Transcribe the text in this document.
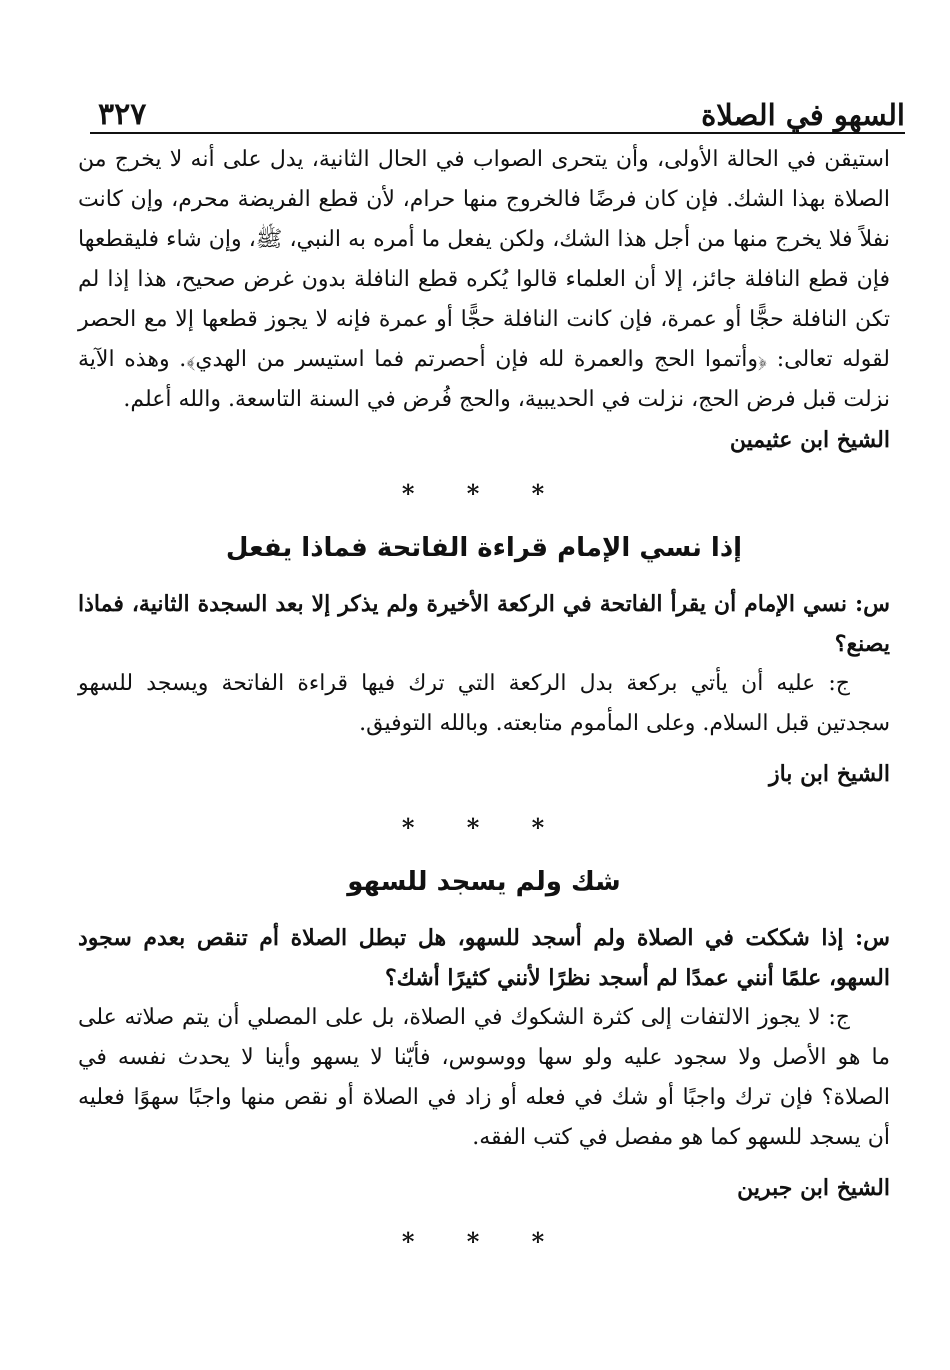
٣٢٧	السهو في الصلاة

استيقن في الحالة الأولى، وأن يتحرى الصواب في الحال الثانية، يدل على أنه لا يخرج من الصلاة بهذا الشك. فإن كان فرضًا فالخروج منها حرام، لأن قطع الفريضة محرم، وإن كانت نفلاً فلا يخرج منها من أجل هذا الشك، ولكن يفعل ما أمره به النبي، ﷺ، وإن شاء فليقطعها فإن قطع النافلة جائز، إلا أن العلماء قالوا يُكره قطع النافلة بدون غرض صحيح، هذا إذا لم تكن النافلة حجًّا أو عمرة، فإن كانت النافلة حجًّا أو عمرة فإنه لا يجوز قطعها إلا مع الحصر لقوله تعالى: ﴿وأتموا الحج والعمرة لله فإن أحصرتم فما استيسر من الهدي﴾. وهذه الآية نزلت قبل فرض الحج، نزلت في الحديبية، والحج فُرض في السنة التاسعة. والله أعلم.

الشيخ ابن عثيمين

* * *
إذا نسي الإمام قراءة الفاتحة فماذا يفعل

س: نسي الإمام أن يقرأ الفاتحة في الركعة الأخيرة ولم يذكر إلا بعد السجدة الثانية، فماذا يصنع؟

ج: عليه أن يأتي بركعة بدل الركعة التي ترك فيها قراءة الفاتحة ويسجد للسهو سجدتين قبل السلام. وعلى المأموم متابعته. وبالله التوفيق.

الشيخ ابن باز

* * *
شك ولم يسجد للسهو

س: إذا شككت في الصلاة ولم أسجد للسهو، هل تبطل الصلاة أم تنقص بعدم سجود السهو، علمًا أنني عمدًا لم أسجد نظرًا لأنني كثيرًا أشك؟

ج: لا يجوز الالتفات إلى كثرة الشكوك في الصلاة، بل على المصلي أن يتم صلاته على ما هو الأصل ولا سجود عليه ولو سها ووسوس، فأيّنا لا يسهو وأينا لا يحدث نفسه في الصلاة؟ فإن ترك واجبًا أو شك في فعله أو زاد في الصلاة أو نقص منها واجبًا سهوًا فعليه أن يسجد للسهو كما هو مفصل في كتب الفقه.

الشيخ ابن جبرين

* * *
